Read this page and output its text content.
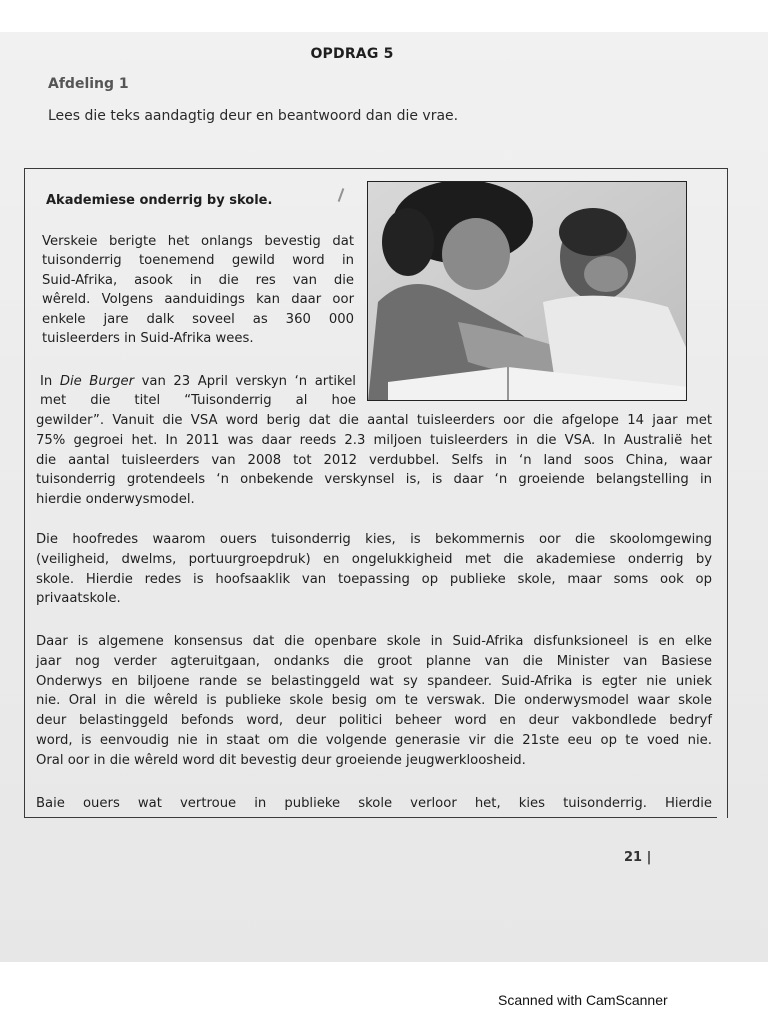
OPDRAG 5
Afdeling 1
Lees die teks aandagtig deur en beantwoord dan die vrae.
Akademiese onderrig by skole.
Verskeie berigte het onlangs bevestig dat
tuisonderrig toenemend gewild word in
Suid-Afrika, asook in die res van die
wêreld. Volgens aanduidings kan daar oor
enkele jare dalk soveel as 360 000
tuisleerders in Suid-Afrika wees.
In Die Burger van 23 April verskyn ‘n artikel
met die titel “Tuisonderrig al hoe
gewilder”. Vanuit die VSA word berig dat die aantal tuisleerders oor die afgelope 14 jaar met
75% gegroei het. In 2011 was daar reeds 2.3 miljoen tuisleerders in die VSA. In Australië het
die aantal tuisleerders van 2008 tot 2012 verdubbel. Selfs in ‘n land soos China, waar
tuisonderrig grotendeels ‘n onbekende verskynsel is, is daar ‘n groeiende belangstelling in
hierdie onderwysmodel.
Die hoofredes waarom ouers tuisonderrig kies, is bekommernis oor die skoolomgewing
(veiligheid, dwelms, portuurgroepdruk) en ongelukkigheid met die akademiese onderrig by
skole. Hierdie redes is hoofsaaklik van toepassing op publieke skole, maar soms ook op
privaatskole.
Daar is algemene konsensus dat die openbare skole in Suid-Afrika disfunksioneel is en elke
jaar nog verder agteruitgaan, ondanks die groot planne van die Minister van Basiese
Onderwys en biljoene rande se belastinggeld wat sy spandeer. Suid-Afrika is egter nie uniek
nie. Oral in die wêreld is publieke skole besig om te verswak. Die onderwysmodel waar skole
deur belastinggeld befonds word, deur politici beheer word en deur vakbondlede bedryf
word, is eenvoudig nie in staat om die volgende generasie vir die 21ste eeu op te voed nie.
Oral oor in die wêreld word dit bevestig deur groeiende jeugwerkloosheid.
Baie ouers wat vertroue in publieke skole verloor het, kies tuisonderrig. Hierdie
21 |
Scanned with CamScanner
